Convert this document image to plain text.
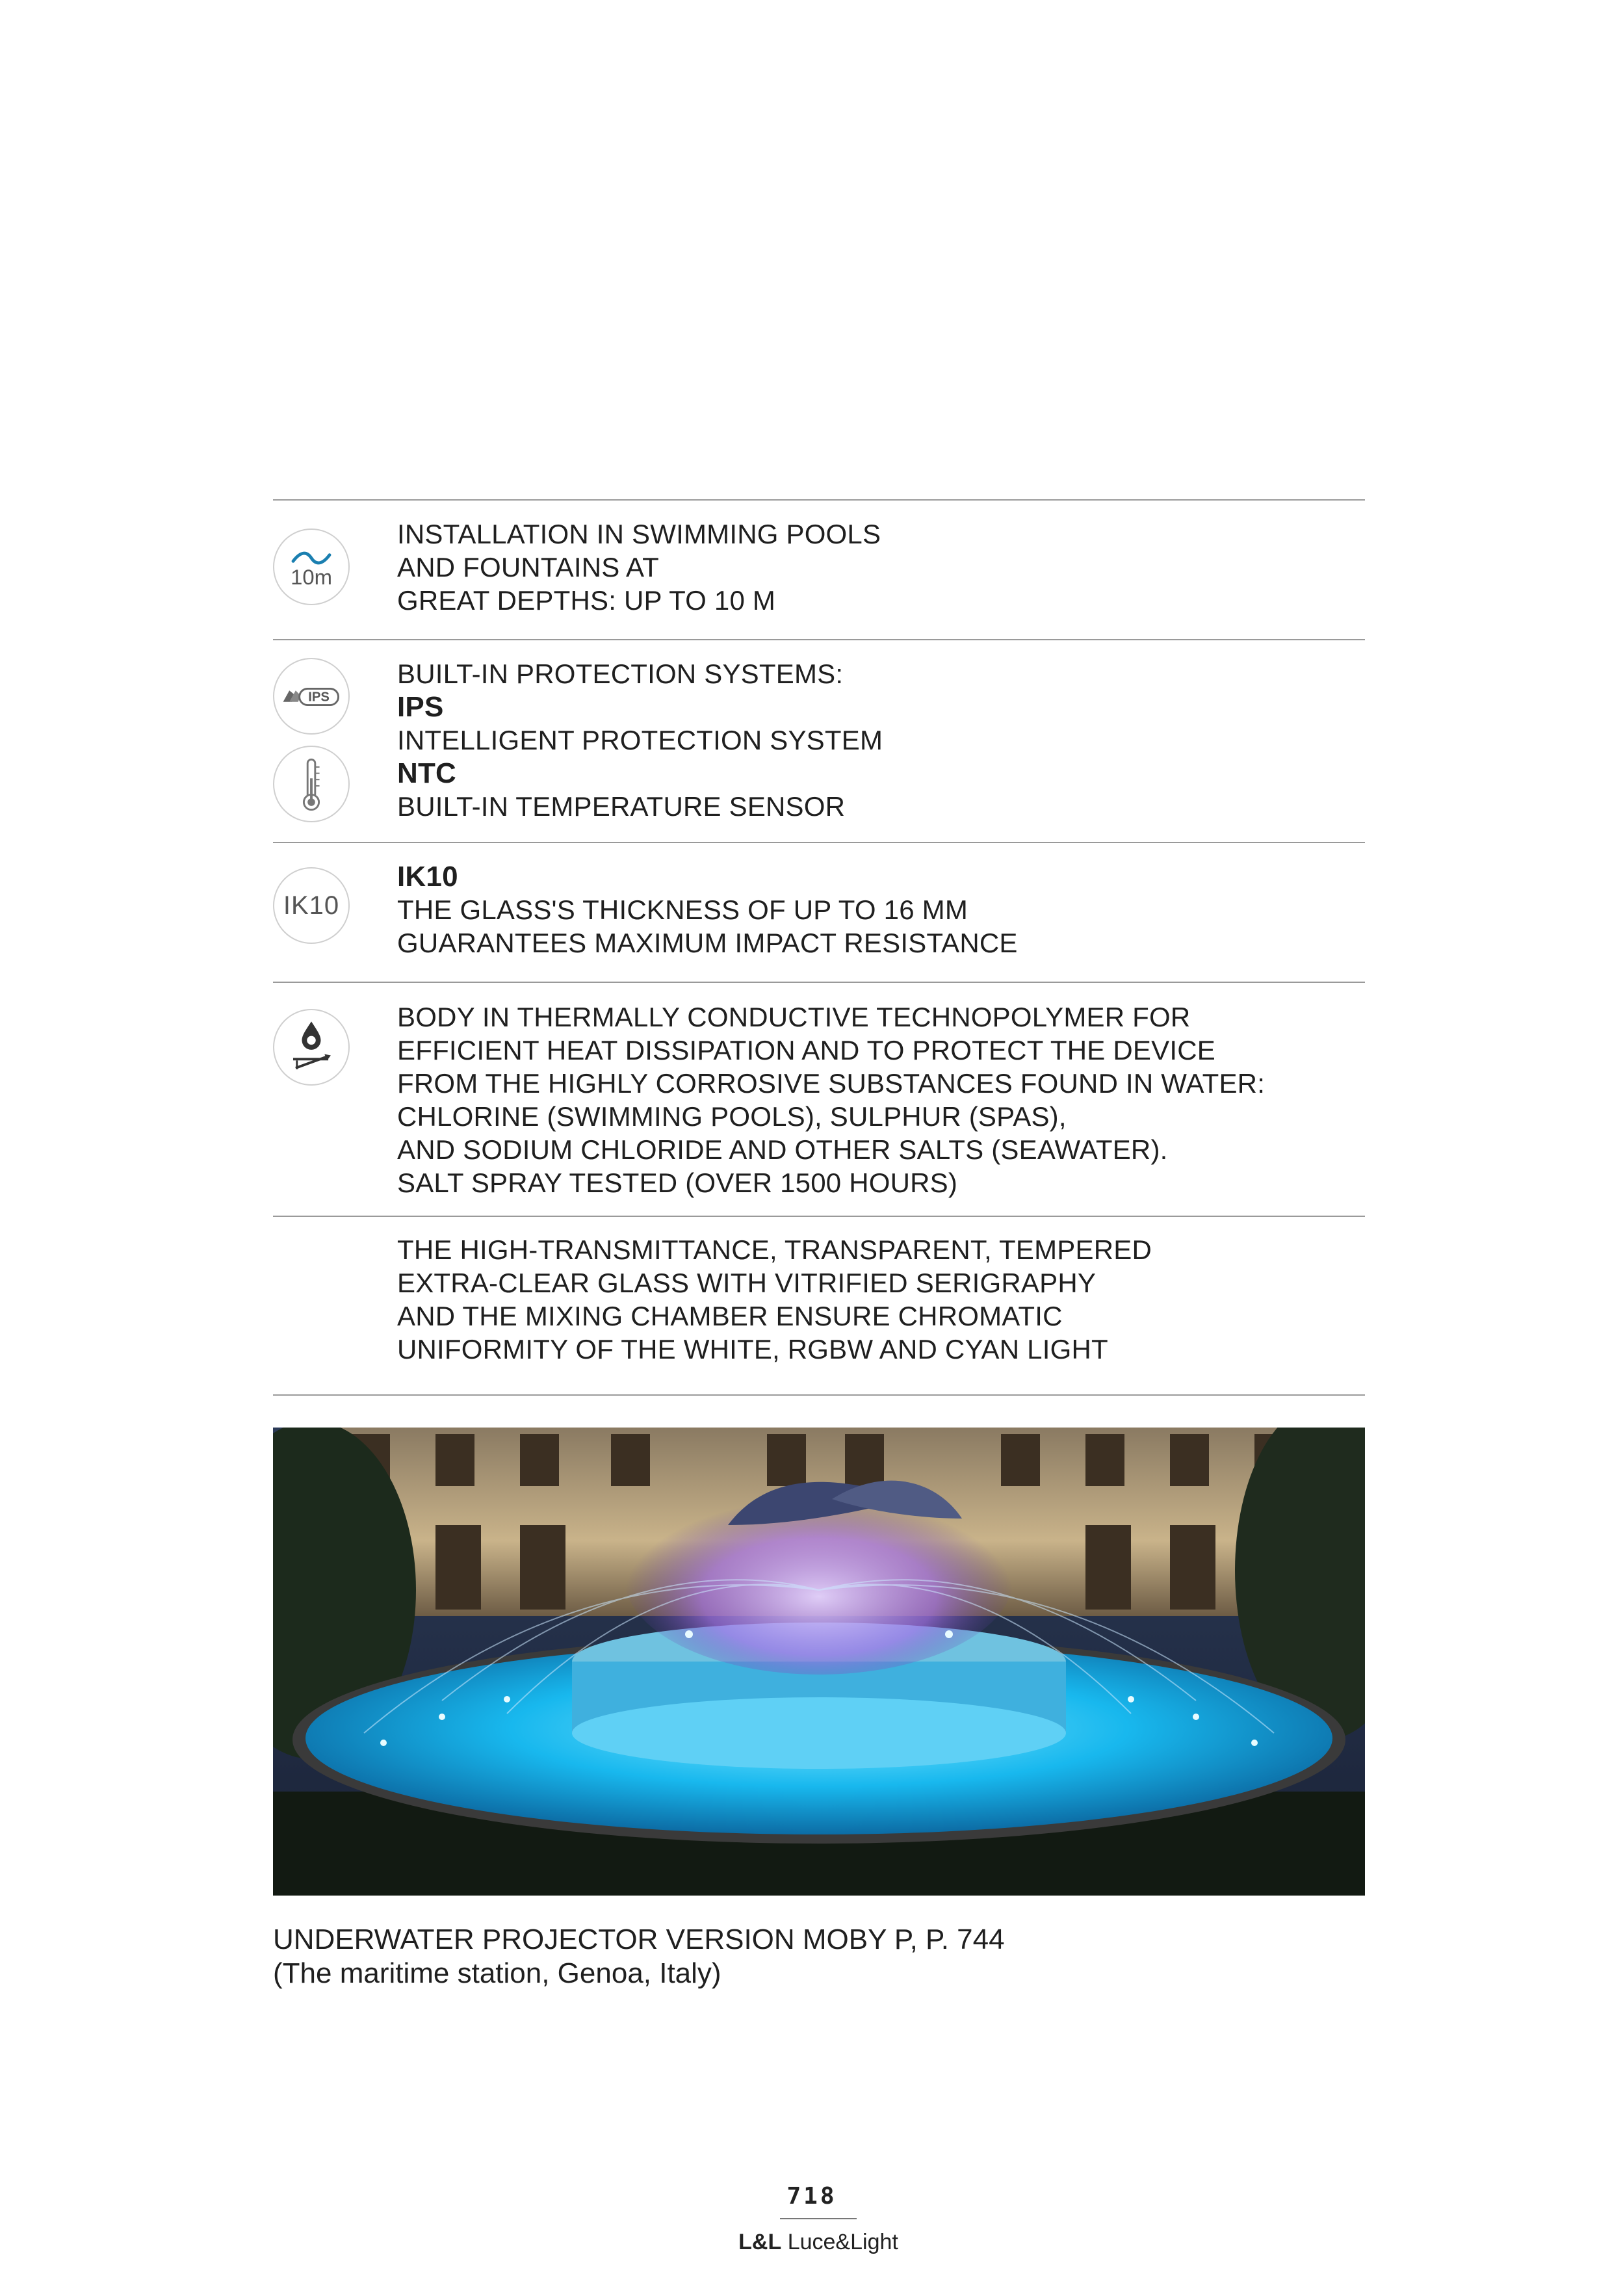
10m
INSTALLATION IN SWIMMING POOLS
AND FOUNTAINS AT
GREAT DEPTHS: UP TO 10 M
IPS
BUILT-IN PROTECTION SYSTEMS:
IPS
INTELLIGENT PROTECTION SYSTEM
NTC
BUILT-IN TEMPERATURE SENSOR
IK10
IK10
THE GLASS'S THICKNESS OF UP TO 16 MM
GUARANTEES MAXIMUM IMPACT RESISTANCE
BODY IN THERMALLY CONDUCTIVE TECHNOPOLYMER FOR
EFFICIENT HEAT DISSIPATION AND TO PROTECT THE DEVICE
FROM THE HIGHLY CORROSIVE SUBSTANCES FOUND IN WATER:
CHLORINE (SWIMMING POOLS), SULPHUR (SPAS),
AND SODIUM CHLORIDE AND OTHER SALTS (SEAWATER).
SALT SPRAY TESTED (OVER 1500 HOURS)
THE HIGH-TRANSMITTANCE, TRANSPARENT, TEMPERED
EXTRA-CLEAR GLASS WITH VITRIFIED SERIGRAPHY
AND THE MIXING CHAMBER ENSURE CHROMATIC
UNIFORMITY OF THE WHITE, RGBW AND CYAN LIGHT
UNDERWATER PROJECTOR VERSION MOBY P, P. 744
(The maritime station, Genoa, Italy)
718
L&L Luce&Light
